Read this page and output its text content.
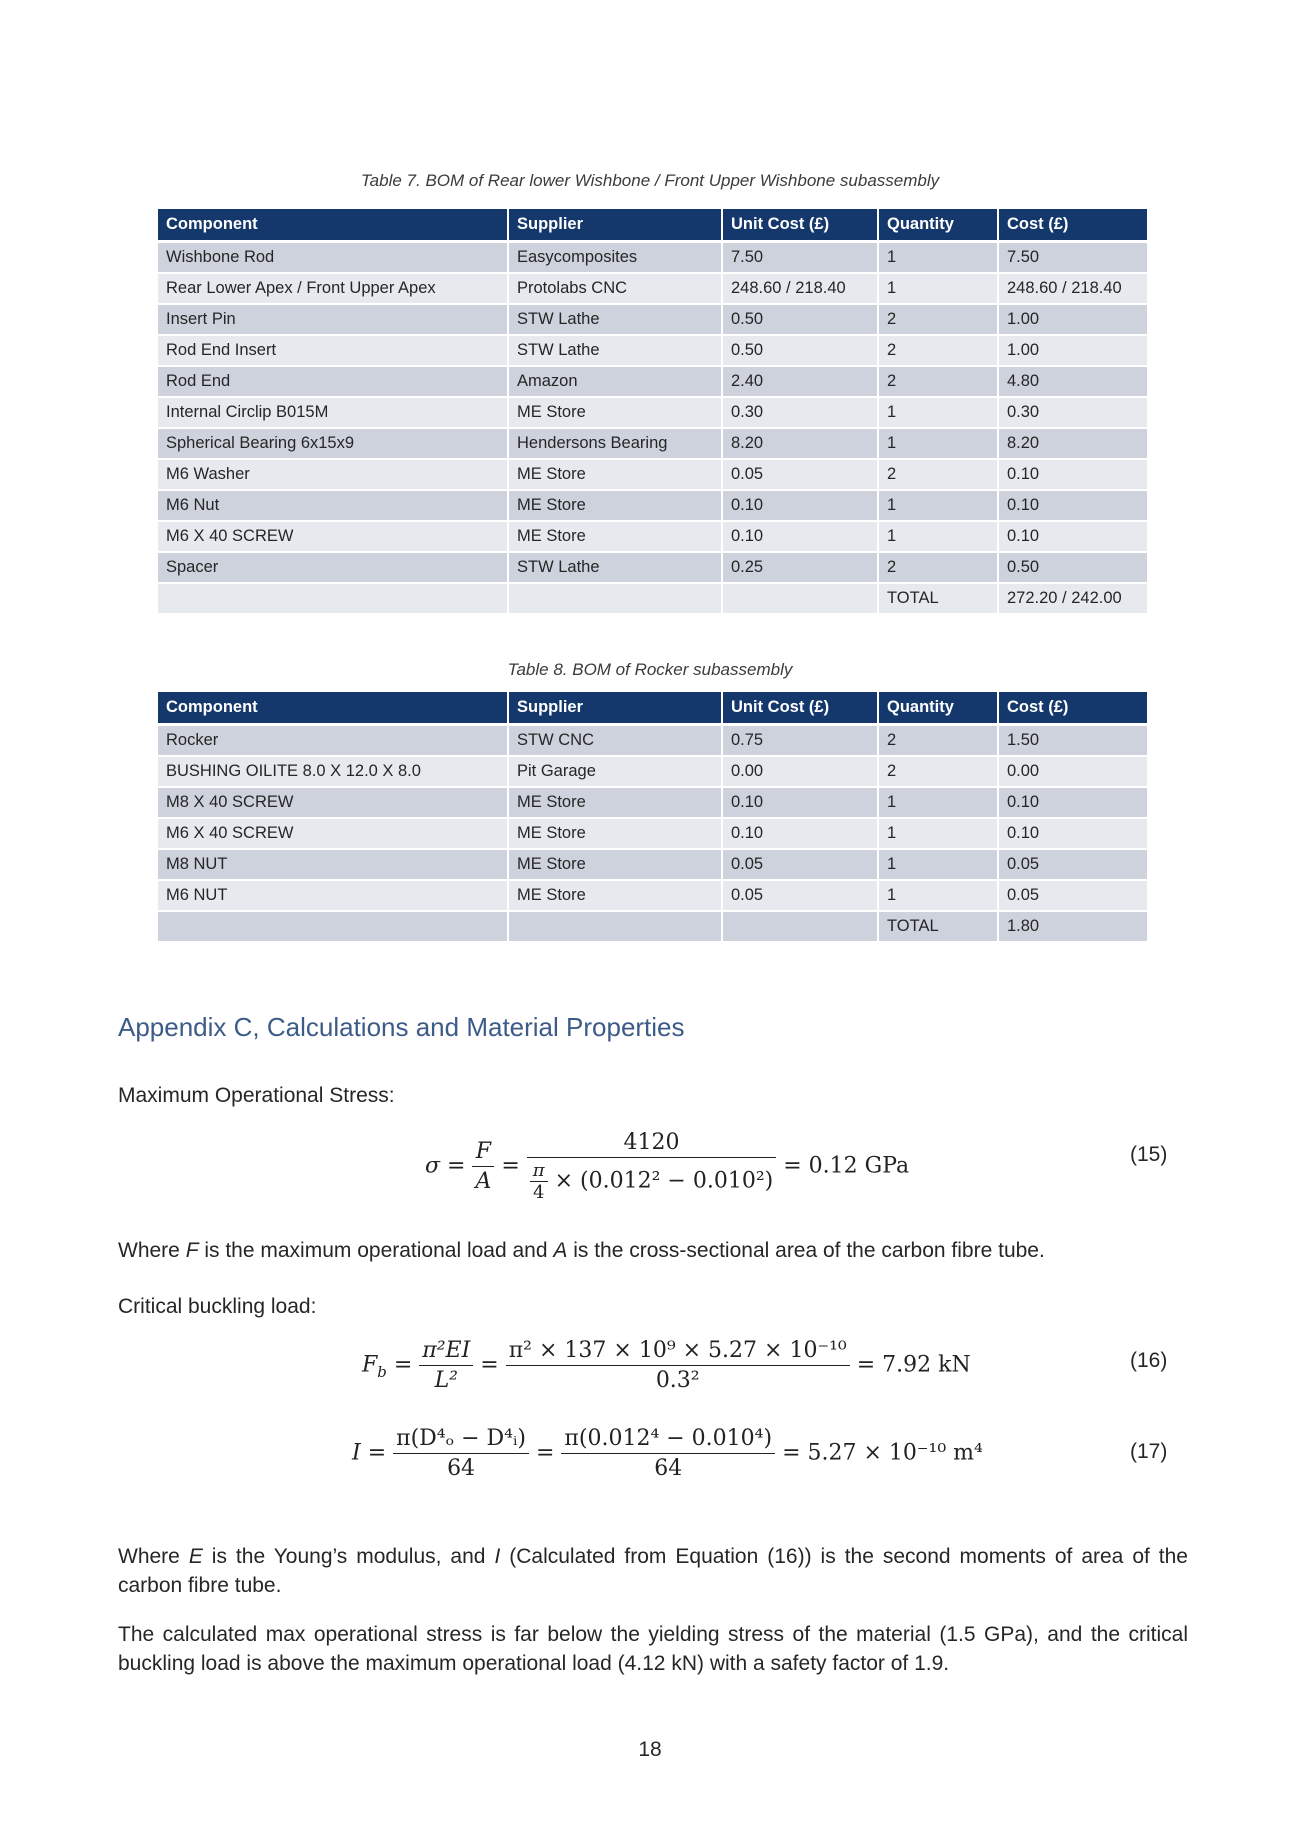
Table 7. BOM of Rear lower Wishbone / Front Upper Wishbone subassembly
Component	Supplier	Unit Cost (£)	Quantity	Cost (£)
Wishbone Rod	Easycomposites	7.50	1	7.50
Rear Lower Apex / Front Upper Apex	Protolabs CNC	248.60 / 218.40	1	248.60 / 218.40
Insert Pin	STW Lathe	0.50	2	1.00
Rod End Insert	STW Lathe	0.50	2	1.00
Rod End	Amazon	2.40	2	4.80
Internal Circlip B015M	ME Store	0.30	1	0.30
Spherical Bearing 6x15x9	Hendersons Bearing	8.20	1	8.20
M6 Washer	ME Store	0.05	2	0.10
M6 Nut	ME Store	0.10	1	0.10
M6 X 40 SCREW	ME Store	0.10	1	0.10
Spacer	STW Lathe	0.25	2	0.50
			TOTAL	272.20 / 242.00
Table 8. BOM of Rocker subassembly
Component	Supplier	Unit Cost (£)	Quantity	Cost (£)
Rocker	STW CNC	0.75	2	1.50
BUSHING OILITE 8.0 X 12.0 X 8.0	Pit Garage	0.00	2	0.00
M8 X 40 SCREW	ME Store	0.10	1	0.10
M6 X 40 SCREW	ME Store	0.10	1	0.10
M8 NUT	ME Store	0.05	1	0.05
M6 NUT	ME Store	0.05	1	0.05
			TOTAL	1.80
Appendix C, Calculations and Material Properties
Maximum Operational Stress:
$\sigma = \frac{F}{A} = \frac{4120}{\frac{\pi}{4} \times (0.012^2 - 0.010^2)} = 0.12$ GPa	(15)
Where F is the maximum operational load and A is the cross-sectional area of the carbon fibre tube.
Critical buckling load:
$F_b = \frac{\text{π²EI}}{\text{L²}} = \frac{\text{π² × 137 × 10⁹ × 5.27 × 10⁻¹⁰}}{\text{0.3²}} = 7.92$ kN	(16)
$I = \frac{\text{π(D⁴ₒ − D⁴ᵢ)}}{64} = \frac{\text{π(0.012⁴ − 0.010⁴)}}{64} = 5.27 \times 10^{-10}$ m⁴	(17)
Where E is the Young’s modulus, and I (Calculated from Equation (16)) is the second moments of area of the carbon fibre tube.
The calculated max operational stress is far below the yielding stress of the material (1.5 GPa), and the critical buckling load is above the maximum operational load (4.12 kN) with a safety factor of 1.9.
18
